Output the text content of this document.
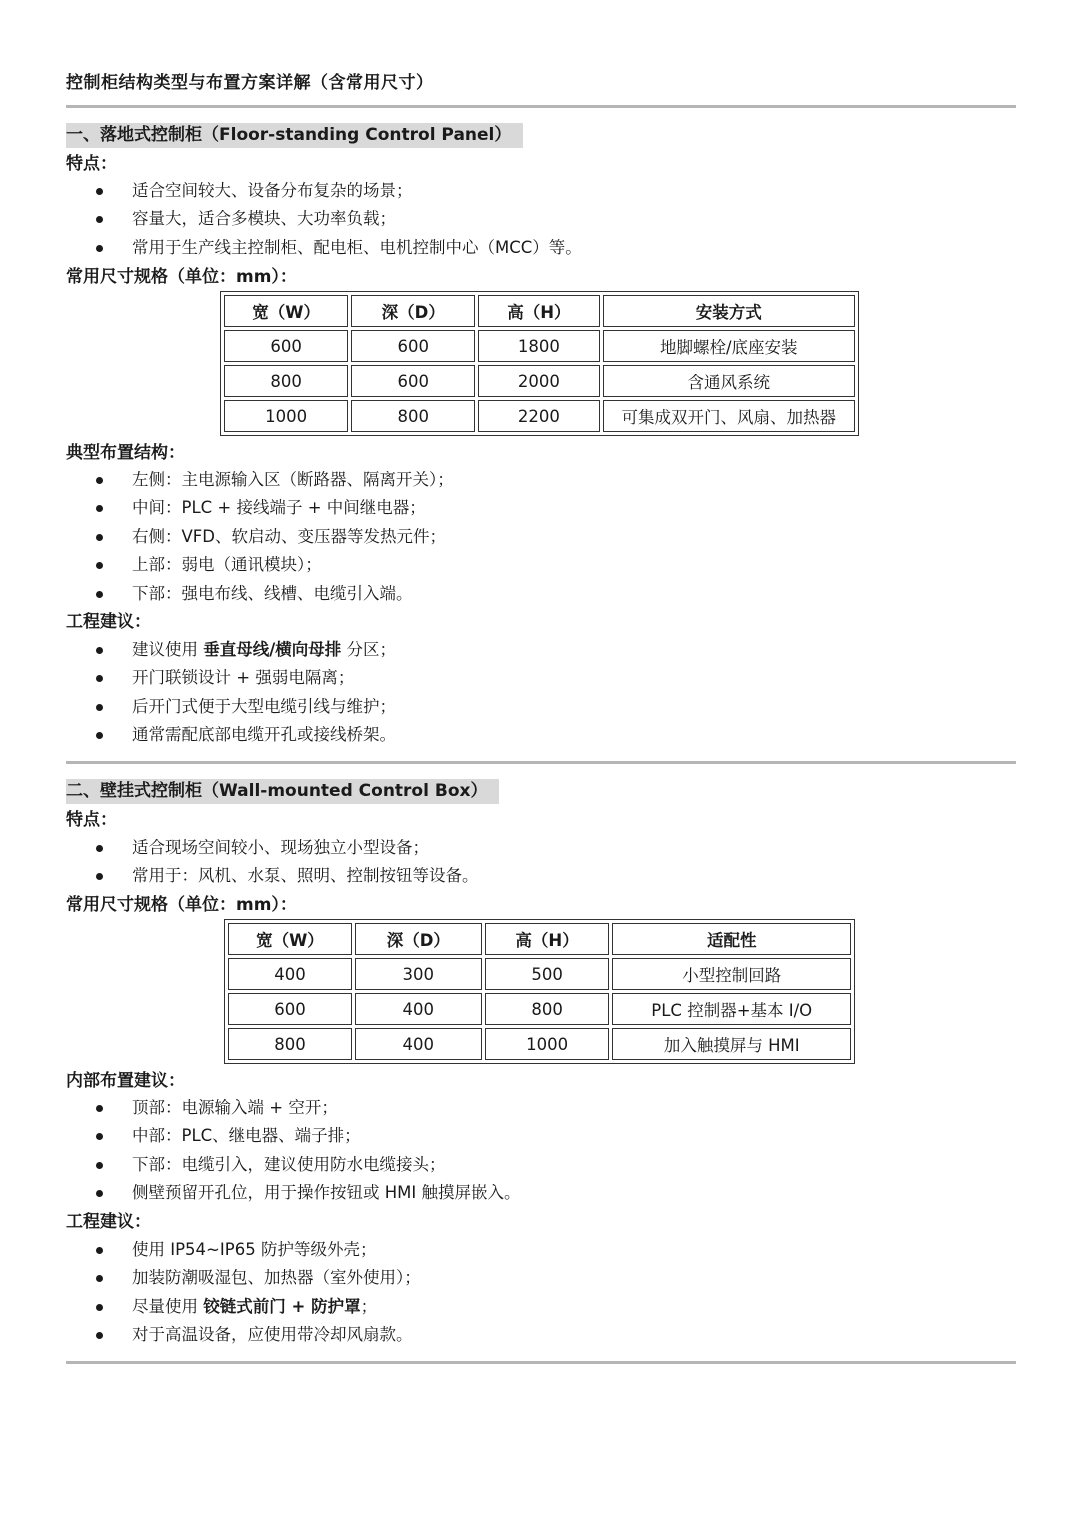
控制柜结构类型与布置方案详解（含常用尺寸）
一、落地式控制柜（Floor-standing Control Panel）
特点：
适合空间较大、设备分布复杂的场景；
容量大，适合多模块、大功率负载；
常用于生产线主控制柜、配电柜、电机控制中心（MCC）等。
常用尺寸规格（单位：mm）：
宽（W）	深（D）	高（H）	安装方式
600	600	1800	地脚螺栓/底座安装
800	600	2000	含通风系统
1000	800	2200	可集成双开门、风扇、加热器
典型布置结构：
左侧：主电源输入区（断路器、隔离开关）；
中间：PLC + 接线端子 + 中间继电器；
右侧：VFD、软启动、变压器等发热元件；
上部：弱电（通讯模块）；
下部：强电布线、线槽、电缆引入端。
工程建议：
建议使用 垂直母线/横向母排 分区；
开门联锁设计 + 强弱电隔离；
后开门式便于大型电缆引线与维护；
通常需配底部电缆开孔或接线桥架。
二、壁挂式控制柜（Wall-mounted Control Box）
特点：
适合现场空间较小、现场独立小型设备；
常用于：风机、水泵、照明、控制按钮等设备。
常用尺寸规格（单位：mm）：
宽（W）	深（D）	高（H）	适配性
400	300	500	小型控制回路
600	400	800	PLC 控制器+基本 I/O
800	400	1000	加入触摸屏与 HMI
内部布置建议：
顶部：电源输入端 + 空开；
中部：PLC、继电器、端子排；
下部：电缆引入，建议使用防水电缆接头；
侧壁预留开孔位，用于操作按钮或 HMI 触摸屏嵌入。
工程建议：
使用 IP54~IP65 防护等级外壳；
加装防潮吸湿包、加热器（室外使用）；
尽量使用 铰链式前门 + 防护罩；
对于高温设备，应使用带冷却风扇款。
